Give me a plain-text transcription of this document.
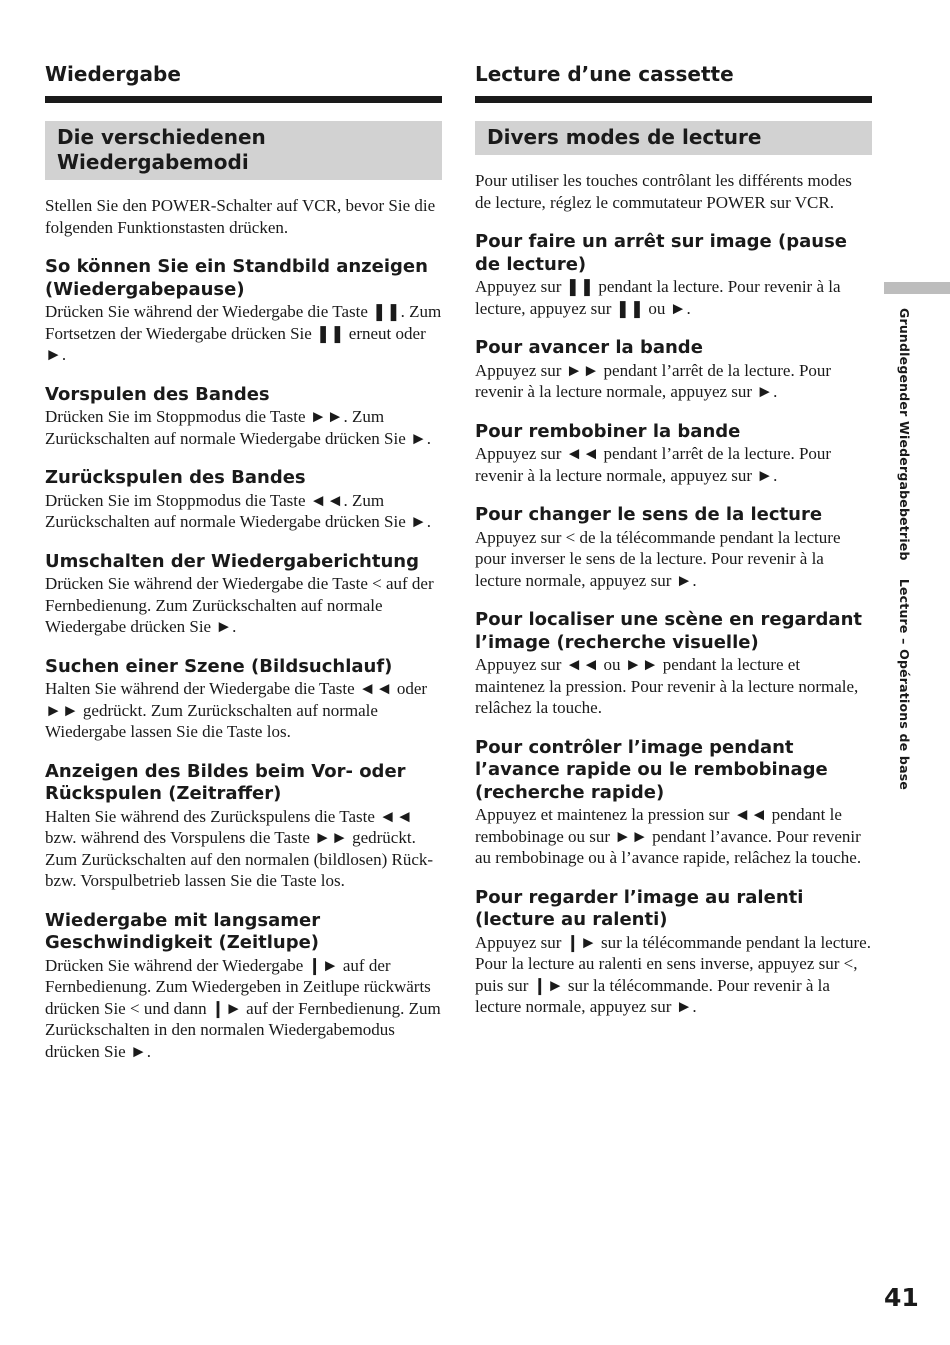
Wiedergabe
Die verschiedenen Wiedergabemodi

Stellen Sie den POWER-Schalter auf VCR, bevor Sie die folgenden Funktionstasten drücken.

So können Sie ein Standbild anzeigen (Wiedergabepause)

Drücken Sie während der Wiedergabe die Taste ❚❚. Zum Fortsetzen der Wiedergabe drücken Sie ❚❚ erneut oder ►.

Vorspulen des Bandes

Drücken Sie im Stoppmodus die Taste ►►. Zum Zurückschalten auf normale Wiedergabe drücken Sie ►.

Zurückspulen des Bandes

Drücken Sie im Stoppmodus die Taste ◄◄. Zum Zurückschalten auf normale Wiedergabe drücken Sie ►.

Umschalten der Wiedergaberichtung

Drücken Sie während der Wiedergabe die Taste < auf der Fernbedienung. Zum Zurückschalten auf normale Wiedergabe drücken Sie ►.

Suchen einer Szene (Bildsuchlauf)

Halten Sie während der Wiedergabe die Taste ◄◄ oder ►► gedrückt. Zum Zurückschalten auf normale Wiedergabe lassen Sie die Taste los.

Anzeigen des Bildes beim Vor- oder Rückspulen (Zeitraffer)

Halten Sie während des Zurückspulens die Taste ◄◄ bzw. während des Vorspulens die Taste ►► gedrückt. Zum Zurückschalten auf den normalen (bildlosen) Rück- bzw. Vorspulbetrieb lassen Sie die Taste los.

Wiedergabe mit langsamer Geschwindigkeit (Zeitlupe)

Drücken Sie während der Wiedergabe ❙► auf der Fernbedienung. Zum Wiedergeben in Zeitlupe rückwärts drücken Sie < und dann ❙► auf der Fernbedienung. Zum Zurückschalten in den normalen Wiedergabemodus drücken Sie ►.

Lecture d’une cassette
Divers modes de lecture

Pour utiliser les touches contrôlant les différents modes de lecture, réglez le commutateur POWER sur VCR.

Pour faire un arrêt sur image (pause de lecture)

Appuyez sur ❚❚ pendant la lecture. Pour revenir à la lecture, appuyez sur ❚❚ ou ►.

Pour avancer la bande

Appuyez sur ►► pendant l’arrêt de la lecture. Pour revenir à la lecture normale, appuyez sur ►.

Pour rembobiner la bande

Appuyez sur ◄◄ pendant l’arrêt de la lecture. Pour revenir à la lecture normale, appuyez sur ►.

Pour changer le sens de la lecture

Appuyez sur < de la télécommande pendant la lecture pour inverser le sens de la lecture. Pour revenir à la lecture normale, appuyez sur ►.

Pour localiser une scène en regardant l’image (recherche visuelle)

Appuyez sur ◄◄ ou ►► pendant la lecture et maintenez la pression. Pour revenir à la lecture normale, relâchez la touche.

Pour contrôler l’image pendant l’avance rapide ou le rembobinage (recherche rapide)

Appuyez et maintenez la pression sur ◄◄ pendant le rembobinage ou sur ►► pendant l’avance. Pour revenir au rembobinage ou à l’avance rapide, relâchez la touche.

Pour regarder l’image au ralenti (lecture au ralenti)

Appuyez sur ❙► sur la télécommande pendant la lecture. Pour la lecture au ralenti en sens inverse, appuyez sur <, puis sur ❙► sur la télécommande. Pour revenir à la lecture normale, appuyez sur ►.

Grundlegender Wiedergabebetrieb    Lecture – Opérations de base
41
